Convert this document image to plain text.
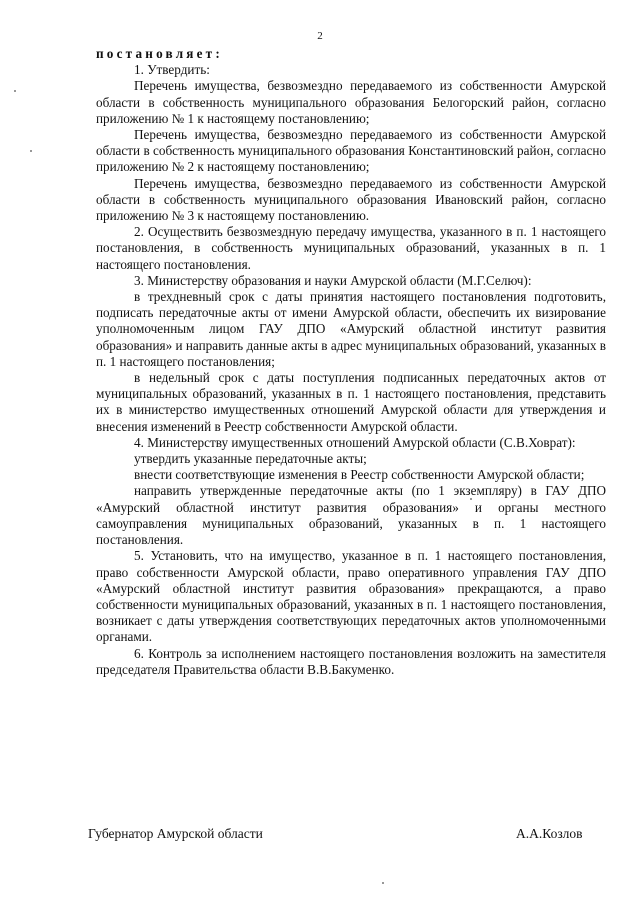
2

постановляет:

1. Утвердить:

Перечень имущества, безвозмездно передаваемого из собственности Амурской области в собственность муниципального образования Белогорский район, согласно приложению № 1 к настоящему постановлению;

Перечень имущества, безвозмездно передаваемого из собственности Амурской области в собственность муниципального образования Константиновский район, согласно приложению № 2 к настоящему постановлению;

Перечень имущества, безвозмездно передаваемого из собственности Амурской области в собственность муниципального образования Ивановский район, согласно приложению № 3 к настоящему постановлению.

2. Осуществить безвозмездную передачу имущества, указанного в п. 1 настоящего постановления, в собственность муниципальных образований, указанных в п. 1 настоящего постановления.

3. Министерству образования и науки Амурской области (М.Г.Селюч):

в трехдневный срок с даты принятия настоящего постановления подготовить, подписать передаточные акты от имени Амурской области, обеспечить их визирование уполномоченным лицом ГАУ ДПО «Амурский областной институт развития образования» и направить данные акты в адрес муниципальных образований, указанных в п. 1 настоящего постановления;

в недельный срок с даты поступления подписанных передаточных актов от муниципальных образований, указанных в п. 1 настоящего постановления, представить их в министерство имущественных отношений Амурской области для утверждения и внесения изменений в Реестр собственности Амурской области.

4. Министерству имущественных отношений Амурской области (С.В.Ховрат):

утвердить указанные передаточные акты;

внести соответствующие изменения в Реестр собственности Амурской области;

направить утвержденные передаточные акты (по 1 экземпляру) в ГАУ ДПО «Амурский областной институт развития образования» и органы местного самоуправления муниципальных образований, указанных в п. 1 настоящего постановления.

5. Установить, что на имущество, указанное в п. 1 настоящего постановления, право собственности Амурской области, право оперативного управления ГАУ ДПО «Амурский областной институт развития образования» прекращаются, а право собственности муниципальных образований, указанных в п. 1 настоящего постановления, возникает с даты утверждения соответствующих передаточных актов уполномоченными органами.

6. Контроль за исполнением настоящего постановления возложить на заместителя председателя Правительства области В.В.Бакуменко.

Губернатор Амурской области	А.А.Козлов
